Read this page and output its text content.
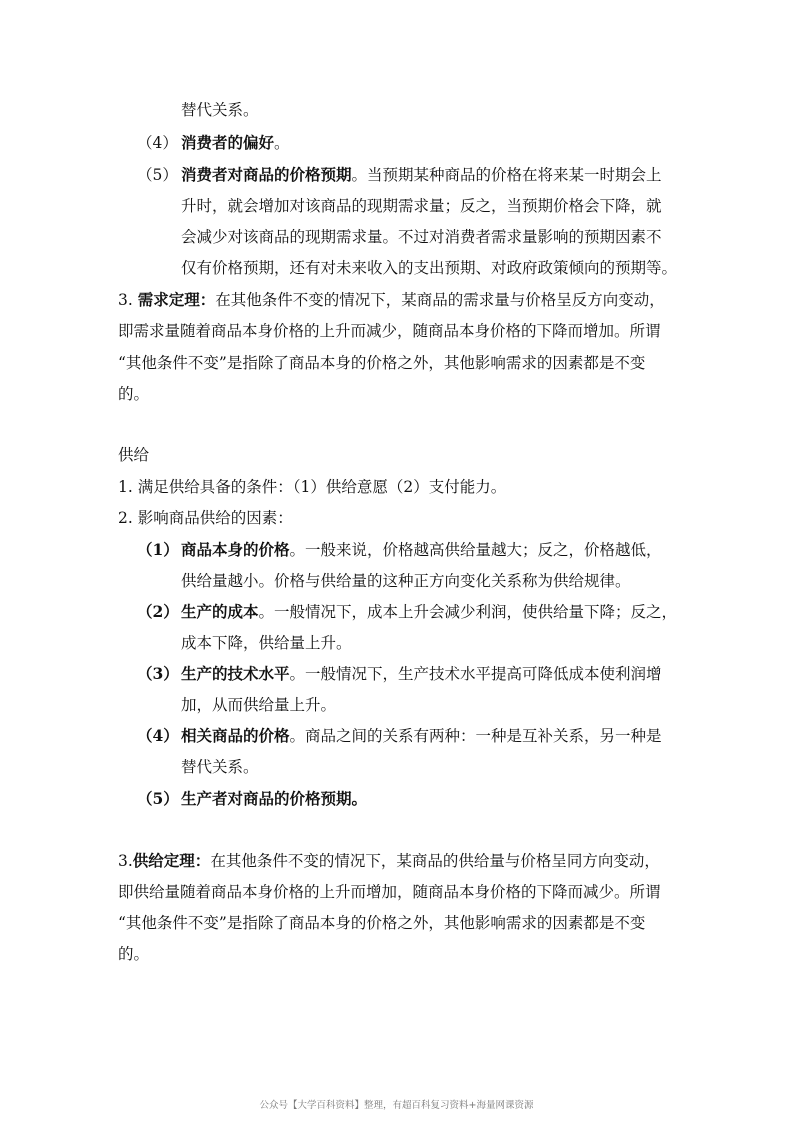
替代关系。
（4） 消费者的偏好。
（5） 消费者对商品的价格预期。当预期某种商品的价格在将来某一时期会上
升时，就会增加对该商品的现期需求量；反之，当预期价格会下降，就
会减少对该商品的现期需求量。不过对消费者需求量影响的预期因素不
仅有价格预期，还有对未来收入的支出预期、对政府政策倾向的预期等。
3. 需求定理：在其他条件不变的情况下，某商品的需求量与价格呈反方向变动，
即需求量随着商品本身价格的上升而减少，随商品本身价格的下降而增加。所谓
“其他条件不变”是指除了商品本身的价格之外，其他影响需求的因素都是不变
的。
供给
1. 满足供给具备的条件：（1）供给意愿（2）支付能力。
2. 影响商品供给的因素：
（1） 商品本身的价格。一般来说，价格越高供给量越大；反之，价格越低，
供给量越小。价格与供给量的这种正方向变化关系称为供给规律。
（2） 生产的成本。一般情况下，成本上升会减少利润，使供给量下降；反之，
成本下降，供给量上升。
（3） 生产的技术水平。一般情况下，生产技术水平提高可降低成本使利润增
加，从而供给量上升。
（4） 相关商品的价格。商品之间的关系有两种：一种是互补关系，另一种是
替代关系。
（5） 生产者对商品的价格预期。
3.供给定理：在其他条件不变的情况下，某商品的供给量与价格呈同方向变动，
即供给量随着商品本身价格的上升而增加，随商品本身价格的下降而减少。所谓
“其他条件不变”是指除了商品本身的价格之外，其他影响需求的因素都是不变
的。
公众号【大学百科资料】整理，有超百科复习资料+海量网课资源
